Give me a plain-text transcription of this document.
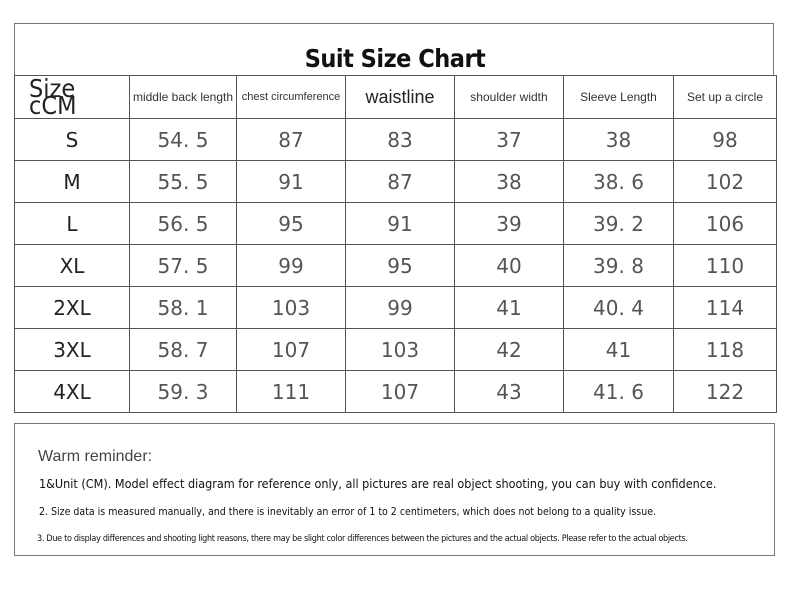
Suit Size Chart
Size cCM	middle back length	chest circumference	waistline	shoulder width	Sleeve Length	Set up a circle
S	54. 5	87	83	37	38	98
M	55. 5	91	87	38	38. 6	102
L	56. 5	95	91	39	39. 2	106
XL	57. 5	99	95	40	39. 8	110
2XL	58. 1	103	99	41	40. 4	114
3XL	58. 7	107	103	42	41	118
4XL	59. 3	111	107	43	41. 6	122
Warm reminder:
1&Unit (CM). Model effect diagram for reference only, all pictures are real object shooting, you can buy with confidence.
2. Size data is measured manually, and there is inevitably an error of 1 to 2 centimeters, which does not belong to a quality issue.
3. Due to display differences and shooting light reasons, there may be slight color differences between the pictures and the actual objects. Please refer to the actual objects.
